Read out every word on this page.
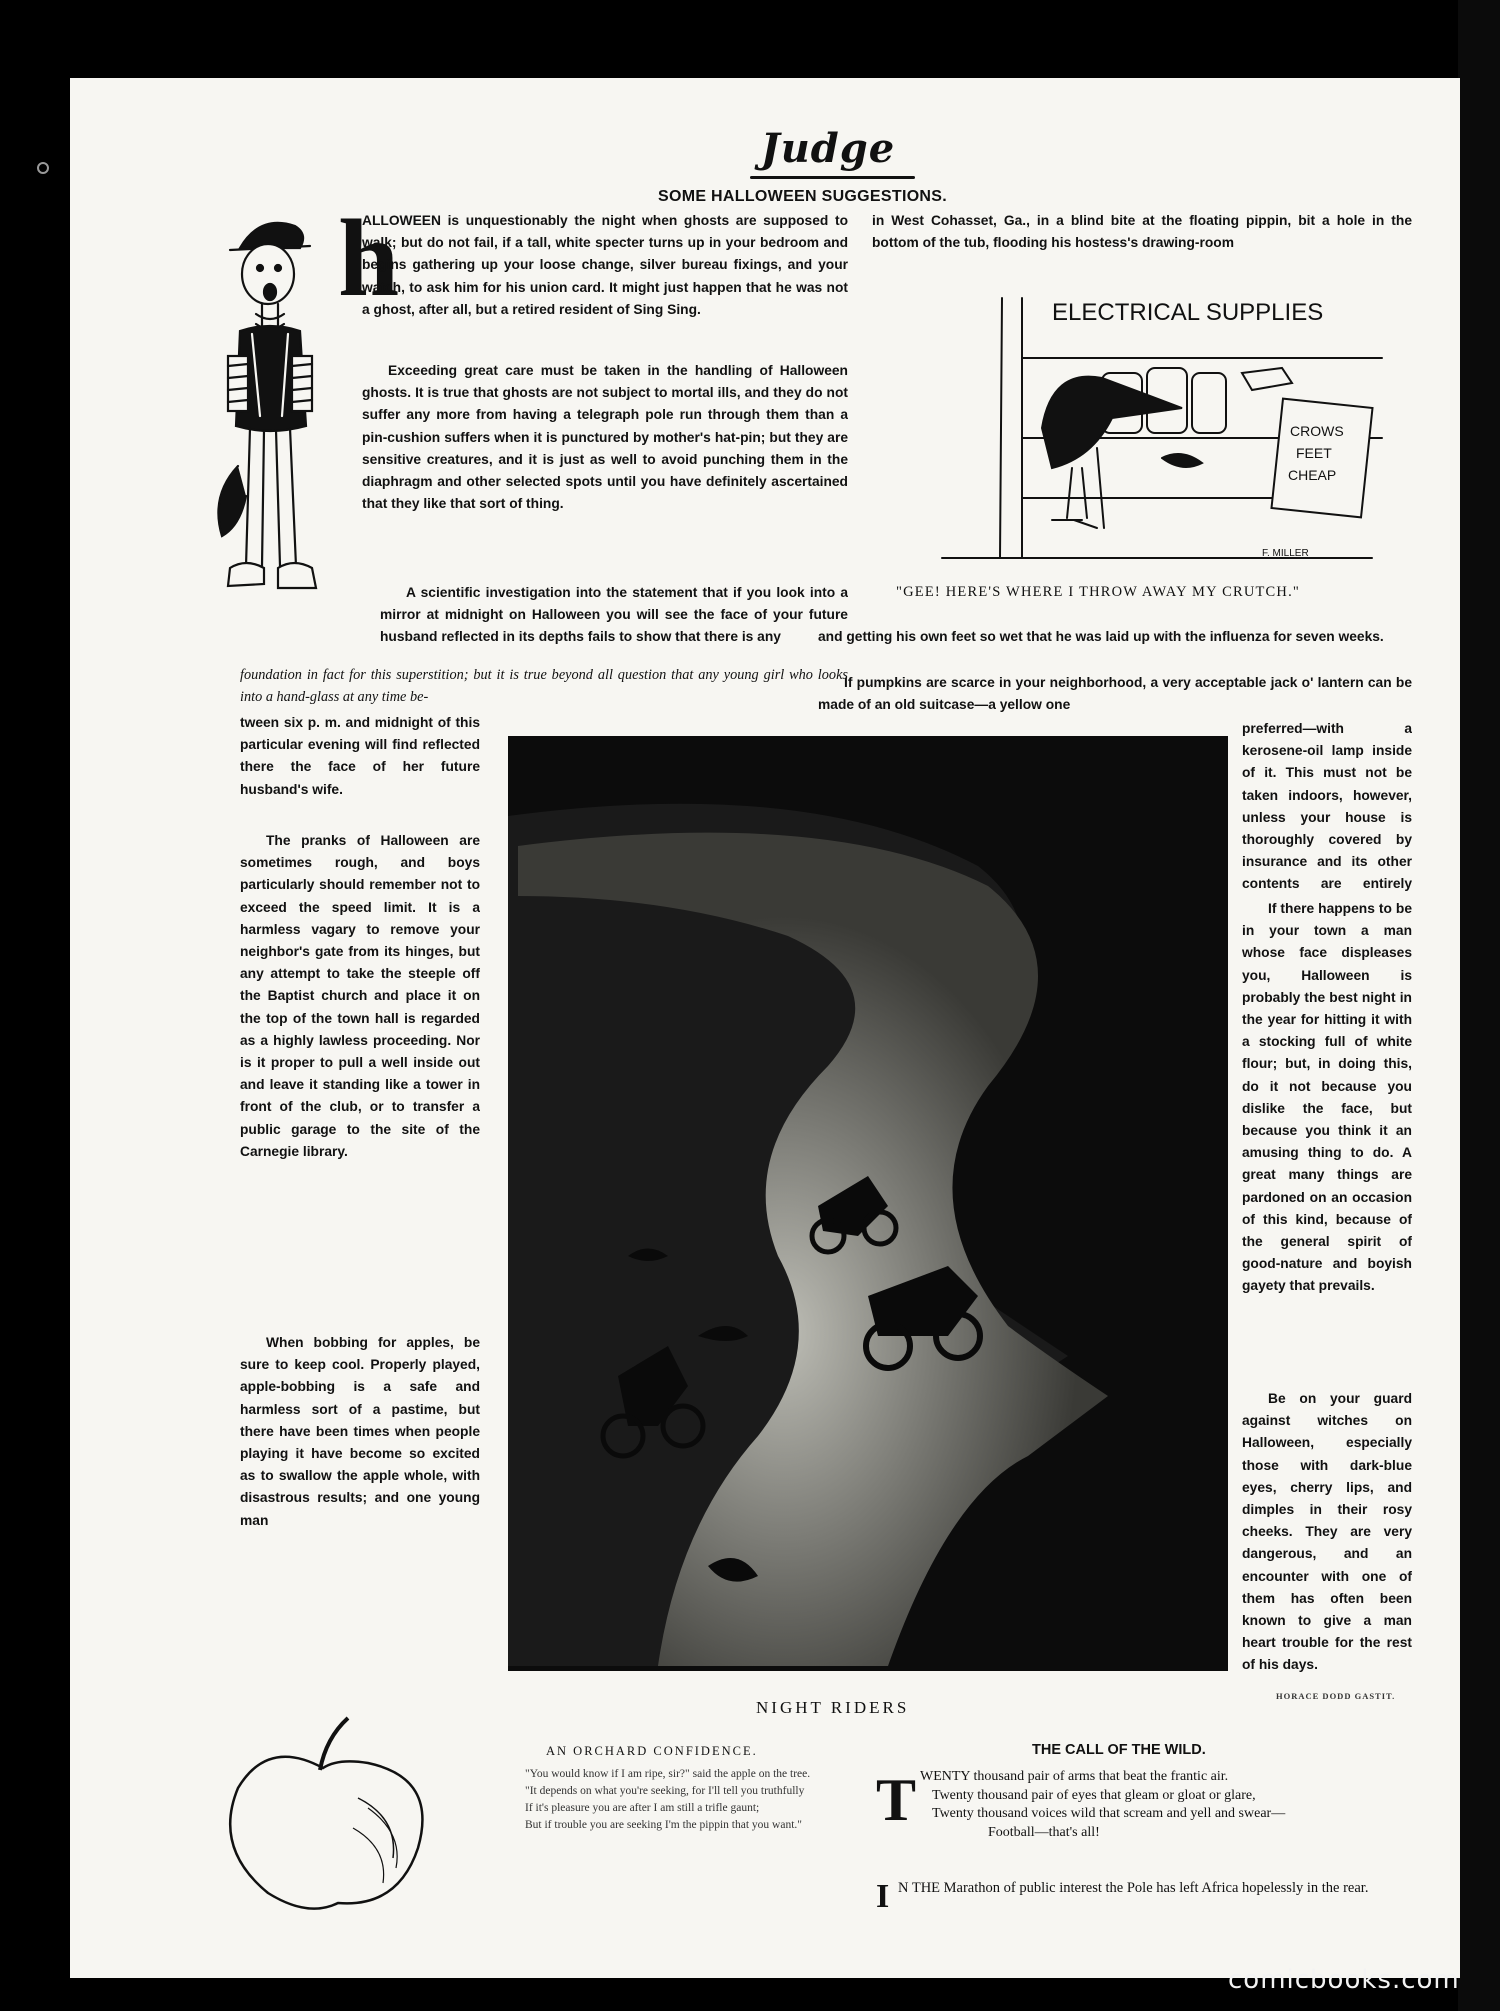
Judge
SOME HALLOWEEN SUGGESTIONS.
h

ALLOWEEN is unquestionably the night when ghosts are supposed to walk; but do not fail, if a tall, white specter turns up in your bedroom and begins gathering up your loose change, silver bureau fixings, and your watch, to ask him for his union card. It might just happen that he was not a ghost, after all, but a retired resident of Sing Sing.

Exceeding great care must be taken in the handling of Halloween ghosts. It is true that ghosts are not subject to mortal ills, and they do not suffer any more from having a telegraph pole run through them than a pin-cushion suffers when it is punctured by mother's hat-pin; but they are sensitive creatures, and it is just as well to avoid punching them in the diaphragm and other selected spots until you have definitely ascertained that they like that sort of thing.

A scientific investigation into the statement that if you look into a mirror at midnight on Halloween you will see the face of your future husband reflected in its depths fails to show that there is any

foundation in fact for this superstition; but it is true beyond all question that any young girl who looks into a hand-glass at any time be-

tween six p. m. and midnight of this particular evening will find reflected there the face of her future husband's wife.

The pranks of Halloween are sometimes rough, and boys particularly should remember not to exceed the speed limit. It is a harmless vagary to remove your neighbor's gate from its hinges, but any attempt to take the steeple off the Baptist church and place it on the top of the town hall is regarded as a highly lawless proceeding. Nor is it proper to pull a well inside out and leave it standing like a tower in front of the club, or to transfer a public garage to the site of the Carnegie library.

When bobbing for apples, be sure to keep cool. Properly played, apple-bobbing is a safe and harmless sort of a pastime, but there have been times when people playing it have become so excited as to swallow the apple whole, with disastrous results; and one young man

in West Cohasset, Ga., in a blind bite at the floating pippin, bit a hole in the bottom of the tub, flooding his hostess's drawing-room

ELECTRICAL SUPPLIES
CROWS
FEET
CHEAP
F. MILLER
"GEE! HERE'S WHERE I THROW AWAY MY CRUTCH."

and getting his own feet so wet that he was laid up with the influenza for seven weeks.

If pumpkins are scarce in your neighborhood, a very acceptable jack o' lantern can be made of an old suitcase—a yellow one

preferred—with a kerosene-oil lamp inside of it. This must not be taken indoors, however, unless your house is thoroughly covered by insurance and its other contents are entirely

If there happens to be in your town a man whose face displeases you, Halloween is probably the best night in the year for hitting it with a stocking full of white flour; but, in doing this, do it not because you dislike the face, but because you think it an amusing thing to do. A great many things are pardoned on an occasion of this kind, because of the general spirit of good-nature and boyish gayety that prevails.

Be on your guard against witches on Halloween, especially those with dark-blue eyes, cherry lips, and dimples in their rosy cheeks. They are very dangerous, and an encounter with one of them has often been known to give a man heart trouble for the rest of his days.

HORACE DODD GASTIT.
NIGHT RIDERS
AN ORCHARD CONFIDENCE.

"You would know if I am ripe, sir?" said the apple on the tree.

"It depends on what you're seeking, for I'll tell you truthfully

If it's pleasure you are after I am still a trifle gaunt;

But if trouble you are seeking I'm the pippin that you want."

THE CALL OF THE WILD.
T WENTY thousand pair of arms that beat the frantic air.

Twenty thousand pair of eyes that gleam or gloat or glare,

Twenty thousand voices wild that scream and yell and swear—

Football—that's all!

I N THE Marathon of public interest the Pole has left Africa hopelessly in the rear.

comicbooks.com
